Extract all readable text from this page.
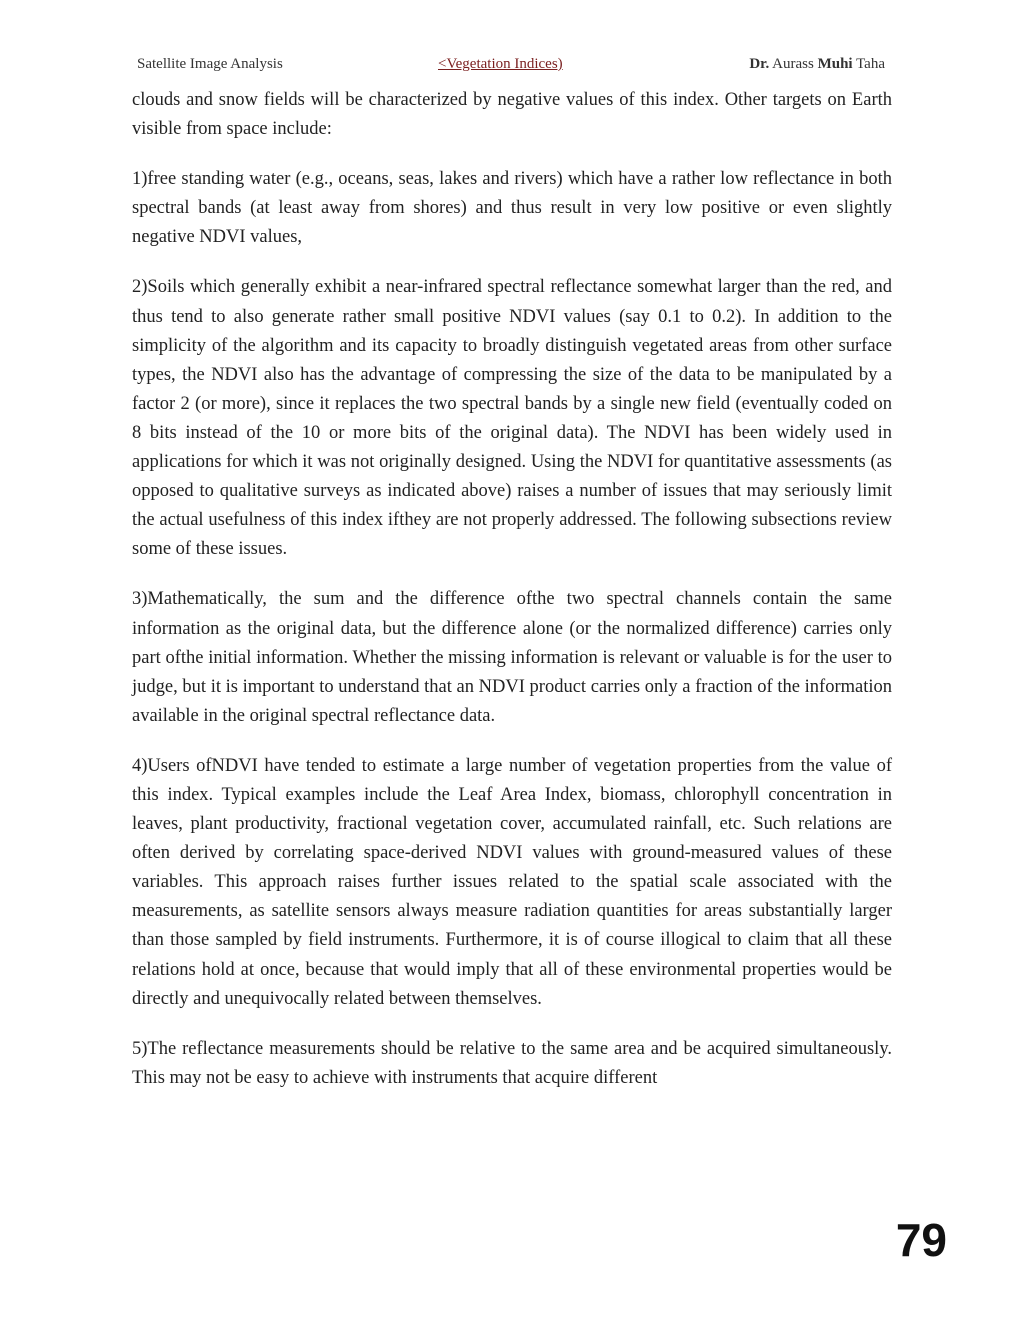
Satellite Image Analysis	<Vegetation Indices)	Dr. Aurass Muhi Taha

clouds and snow fields will be characterized by negative values of this index. Other targets on Earth visible from space include:

1)free standing water (e.g., oceans, seas, lakes and rivers) which have a rather low reflectance in both spectral bands (at least away from shores) and thus result in very low positive or even slightly negative NDVI values,

2)Soils which generally exhibit a near-infrared spectral reflectance somewhat larger than the red, and thus tend to also generate rather small positive NDVI values (say 0.1 to 0.2). In addition to the simplicity of the algorithm and its capacity to broadly distinguish vegetated areas from other surface types, the NDVI also has the advantage of compressing the size of the data to be manipulated by a factor 2 (or more), since it replaces the two spectral bands by a single new field (eventually coded on 8 bits instead of the 10 or more bits of the original data). The NDVI has been widely used in applications for which it was not originally designed. Using the NDVI for quantitative assessments (as opposed to qualitative surveys as indicated above) raises a number of issues that may seriously limit the actual usefulness of this index ifthey are not properly addressed. The following subsections review some of these issues.

3)Mathematically, the sum and the difference ofthe two spectral channels contain the same information as the original data, but the difference alone (or the normalized difference) carries only part ofthe initial information. Whether the missing information is relevant or valuable is for the user to judge, but it is important to understand that an NDVI product carries only a fraction of the information available in the original spectral reflectance data.

4)Users ofNDVI have tended to estimate a large number of vegetation properties from the value of this index. Typical examples include the Leaf Area Index, biomass, chlorophyll concentration in leaves, plant productivity, fractional vegetation cover, accumulated rainfall, etc. Such relations are often derived by correlating space-derived NDVI values with ground-measured values of these variables. This approach raises further issues related to the spatial scale associated with the measurements, as satellite sensors always measure radiation quantities for areas substantially larger than those sampled by field instruments. Furthermore, it is of course illogical to claim that all these relations hold at once, because that would imply that all of these environmental properties would be directly and unequivocally related between themselves.

5)The reflectance measurements should be relative to the same area and be acquired simultaneously. This may not be easy to achieve with instruments that acquire different

79
